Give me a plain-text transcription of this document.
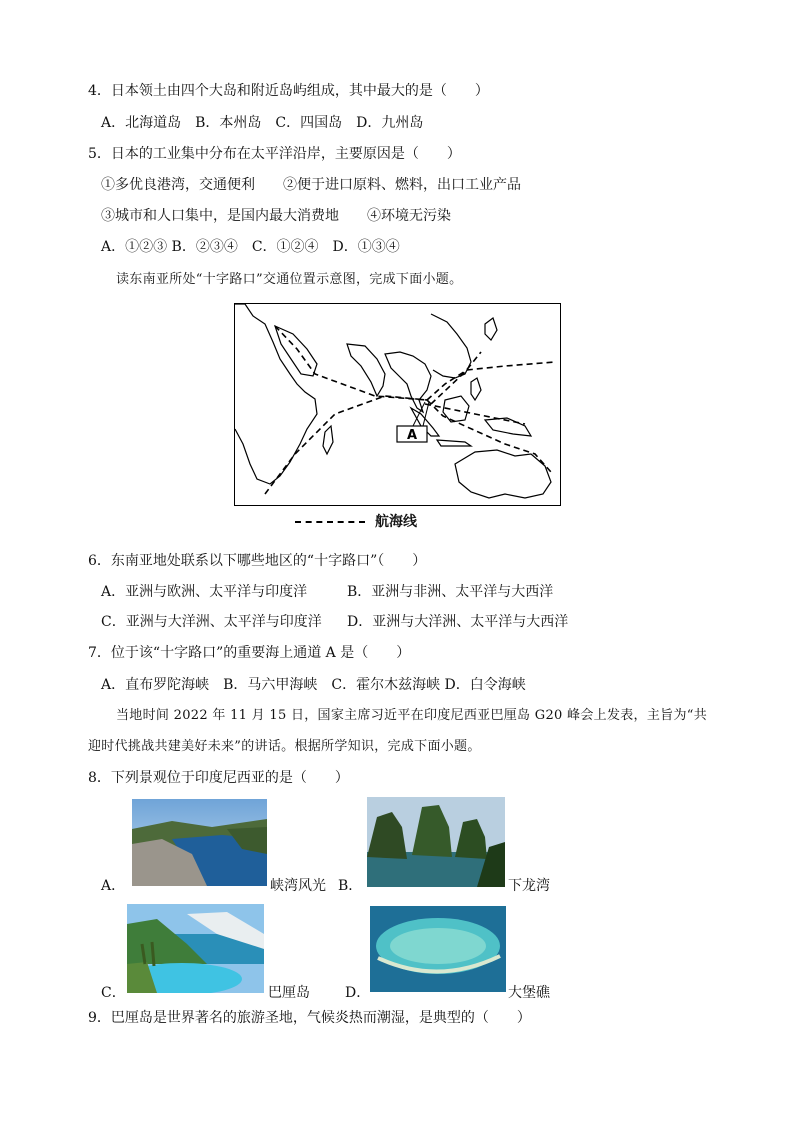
4．日本领土由四个大岛和附近岛屿组成，其中最大的是（　　）
A．北海道岛　B．本州岛　C．四国岛　D．九州岛
5．日本的工业集中分布在太平洋沿岸，主要原因是（　　）
①多优良港湾，交通便利　　②便于进口原料、燃料，出口工业产品
③城市和人口集中，是国内最大消费地　　④环境无污染
A．①②③ B．②③④　C．①②④　D．①③④
读东南亚所处“十字路口”交通位置示意图，完成下面小题。
A
航海线
6．东南亚地处联系以下哪些地区的“十字路口”（　　）
A．亚洲与欧洲、太平洋与印度洋	B．亚洲与非洲、太平洋与大西洋
C．亚洲与大洋洲、太平洋与印度洋 D．亚洲与大洋洲、太平洋与大西洋
7．位于该“十字路口”的重要海上通道 A 是（　　）
A．直布罗陀海峡　B．马六甲海峡　C．霍尔木兹海峡 D．白令海峡
当地时间 2022 年 11 月 15 日，国家主席习近平在印度尼西亚巴厘岛 G20 峰会上发表，主旨为“共
迎时代挑战共建美好未来”的讲话。根据所学知识，完成下面小题。
8．下列景观位于印度尼西亚的是（　　）
A．	峡湾风光 B．	下龙湾
C．	巴厘岛	D．	大堡礁
9．巴厘岛是世界著名的旅游圣地，气候炎热而潮湿，是典型的（　　）
